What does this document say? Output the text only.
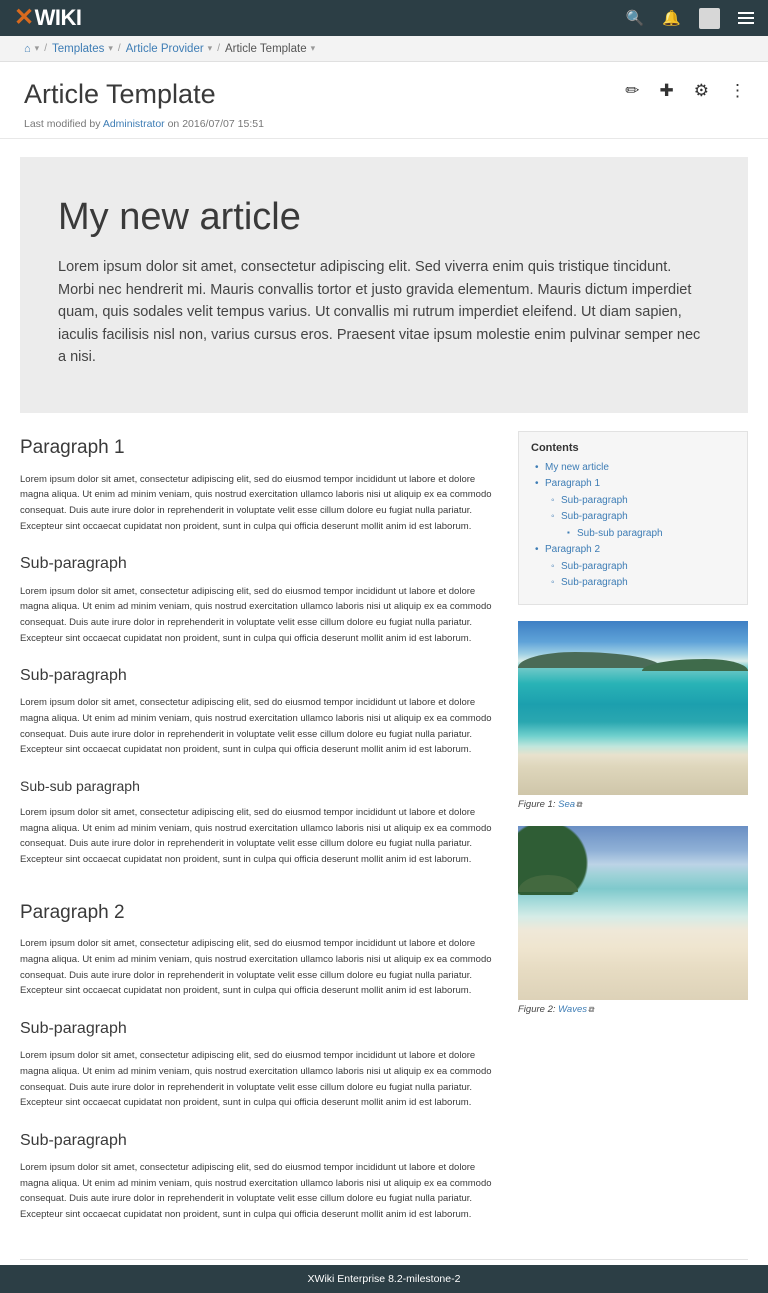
✕ WIKI	🔍 🔔
⌂ ▾ / Templates ▾ / Article Provider ▾ / Article Template ▾
Article Template
Last modified by Administrator on 2016/07/07 15:51
✏ ✚ ⚙ ⋮
My new article

Lorem ipsum dolor sit amet, consectetur adipiscing elit. Sed viverra enim quis tristique tincidunt. Morbi nec hendrerit mi. Mauris convallis tortor et justo gravida elementum. Mauris dictum imperdiet quam, quis sodales velit tempus varius. Ut convallis mi rutrum imperdiet eleifend. Ut diam sapien, iaculis facilisis nisl non, varius cursus eros. Praesent vitae ipsum molestie enim pulvinar semper nec a nisi.

Paragraph 1

Lorem ipsum dolor sit amet, consectetur adipiscing elit, sed do eiusmod tempor incididunt ut labore et dolore magna aliqua. Ut enim ad minim veniam, quis nostrud exercitation ullamco laboris nisi ut aliquip ex ea commodo consequat. Duis aute irure dolor in reprehenderit in voluptate velit esse cillum dolore eu fugiat nulla pariatur. Excepteur sint occaecat cupidatat non proident, sunt in culpa qui officia deserunt mollit anim id est laborum.

Sub-paragraph

Lorem ipsum dolor sit amet, consectetur adipiscing elit, sed do eiusmod tempor incididunt ut labore et dolore magna aliqua. Ut enim ad minim veniam, quis nostrud exercitation ullamco laboris nisi ut aliquip ex ea commodo consequat. Duis aute irure dolor in reprehenderit in voluptate velit esse cillum dolore eu fugiat nulla pariatur. Excepteur sint occaecat cupidatat non proident, sunt in culpa qui officia deserunt mollit anim id est laborum.

Sub-paragraph

Lorem ipsum dolor sit amet, consectetur adipiscing elit, sed do eiusmod tempor incididunt ut labore et dolore magna aliqua. Ut enim ad minim veniam, quis nostrud exercitation ullamco laboris nisi ut aliquip ex ea commodo consequat. Duis aute irure dolor in reprehenderit in voluptate velit esse cillum dolore eu fugiat nulla pariatur. Excepteur sint occaecat cupidatat non proident, sunt in culpa qui officia deserunt mollit anim id est laborum.

Sub-sub paragraph

Lorem ipsum dolor sit amet, consectetur adipiscing elit, sed do eiusmod tempor incididunt ut labore et dolore magna aliqua. Ut enim ad minim veniam, quis nostrud exercitation ullamco laboris nisi ut aliquip ex ea commodo consequat. Duis aute irure dolor in reprehenderit in voluptate velit esse cillum dolore eu fugiat nulla pariatur. Excepteur sint occaecat cupidatat non proident, sunt in culpa qui officia deserunt mollit anim id est laborum.

Paragraph 2

Lorem ipsum dolor sit amet, consectetur adipiscing elit, sed do eiusmod tempor incididunt ut labore et dolore magna aliqua. Ut enim ad minim veniam, quis nostrud exercitation ullamco laboris nisi ut aliquip ex ea commodo consequat. Duis aute irure dolor in reprehenderit in voluptate velit esse cillum dolore eu fugiat nulla pariatur. Excepteur sint occaecat cupidatat non proident, sunt in culpa qui officia deserunt mollit anim id est laborum.

Sub-paragraph

Lorem ipsum dolor sit amet, consectetur adipiscing elit, sed do eiusmod tempor incididunt ut labore et dolore magna aliqua. Ut enim ad minim veniam, quis nostrud exercitation ullamco laboris nisi ut aliquip ex ea commodo consequat. Duis aute irure dolor in reprehenderit in voluptate velit esse cillum dolore eu fugiat nulla pariatur. Excepteur sint occaecat cupidatat non proident, sunt in culpa qui officia deserunt mollit anim id est laborum.

Sub-paragraph

Lorem ipsum dolor sit amet, consectetur adipiscing elit, sed do eiusmod tempor incididunt ut labore et dolore magna aliqua. Ut enim ad minim veniam, quis nostrud exercitation ullamco laboris nisi ut aliquip ex ea commodo consequat. Duis aute irure dolor in reprehenderit in voluptate velit esse cillum dolore eu fugiat nulla pariatur. Excepteur sint occaecat cupidatat non proident, sunt in culpa qui officia deserunt mollit anim id est laborum.

Contents
• My new article
• Paragraph 1
◦ Sub-paragraph
◦ Sub-paragraph
▪ Sub-sub paragraph
• Paragraph 2
◦ Sub-paragraph
◦ Sub-paragraph
Figure 1: Sea⧉
Figure 2: Waves⧉

XWiki Enterprise 8.2-milestone-2
